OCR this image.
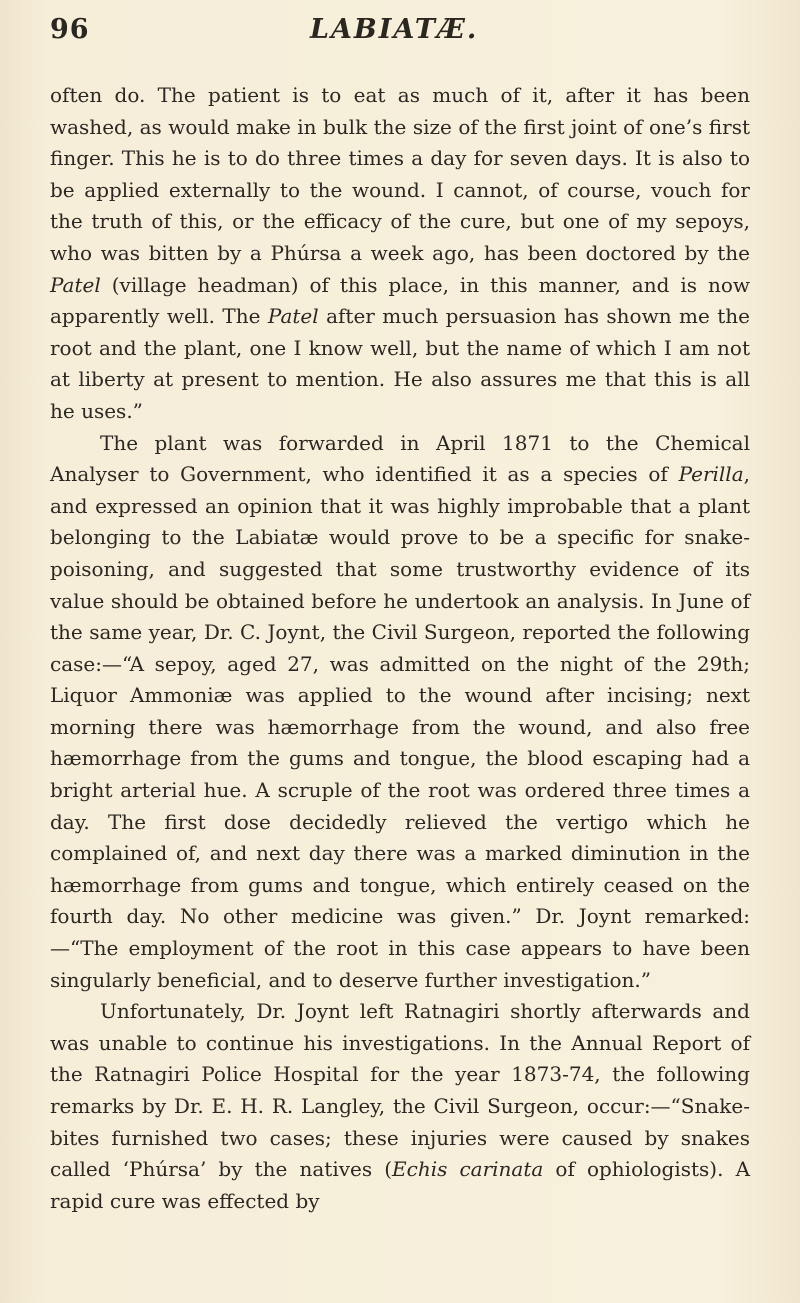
96	LABIATÆ.

often do. The patient is to eat as much of it, after it has been washed, as would make in bulk the size of the first joint of one’s first finger. This he is to do three times a day for seven days. It is also to be applied externally to the wound. I cannot, of course, vouch for the truth of this, or the efficacy of the cure, but one of my sepoys, who was bitten by a Phúrsa a week ago, has been doctored by the Patel (village headman) of this place, in this manner, and is now apparently well. The Patel after much persuasion has shown me the root and the plant, one I know well, but the name of which I am not at liberty at present to mention. He also assures me that this is all he uses.”

The plant was forwarded in April 1871 to the Chemical Analyser to Government, who identified it as a species of Perilla, and expressed an opinion that it was highly improbable that a plant belonging to the Labiatæ would prove to be a specific for snake-poisoning, and suggested that some trustworthy evidence of its value should be obtained before he undertook an analysis. In June of the same year, Dr. C. Joynt, the Civil Surgeon, reported the following case:—“A sepoy, aged 27, was admitted on the night of the 29th; Liquor Ammoniæ was applied to the wound after incising; next morning there was hæmorrhage from the wound, and also free hæmorrhage from the gums and tongue, the blood escaping had a bright arterial hue. A scruple of the root was ordered three times a day. The first dose decidedly relieved the vertigo which he complained of, and next day there was a marked diminution in the hæmorrhage from gums and tongue, which entirely ceased on the fourth day. No other medicine was given.” Dr. Joynt remarked:—“The employment of the root in this case appears to have been singularly beneficial, and to deserve further investigation.”

Unfortunately, Dr. Joynt left Ratnagiri shortly afterwards and was unable to continue his investigations. In the Annual Report of the Ratnagiri Police Hospital for the year 1873-74, the following remarks by Dr. E. H. R. Langley, the Civil Surgeon, occur:—“Snake-bites furnished two cases; these injuries were caused by snakes called ‘Phúrsa’ by the natives (Echis carinata of ophiologists). A rapid cure was effected by
